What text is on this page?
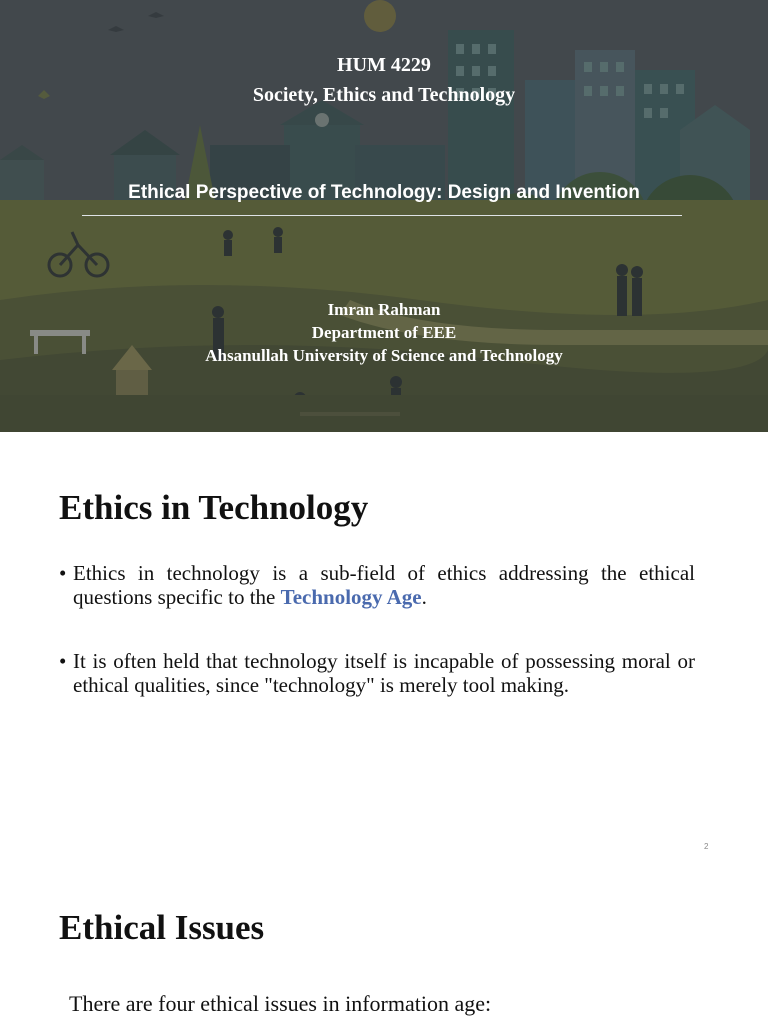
HUM 4229
Society, Ethics and Technology
Ethical Perspective of Technology: Design and Invention
Imran Rahman
Department of EEE
Ahsanullah University of Science and Technology
Ethics in Technology
• Ethics in technology is a sub-field of ethics addressing the ethical questions specific to the Technology Age.

• It is often held that technology itself is incapable of possessing moral or ethical qualities, since "technology" is merely tool making.

2
Ethical Issues

There are four ethical issues in information age:
